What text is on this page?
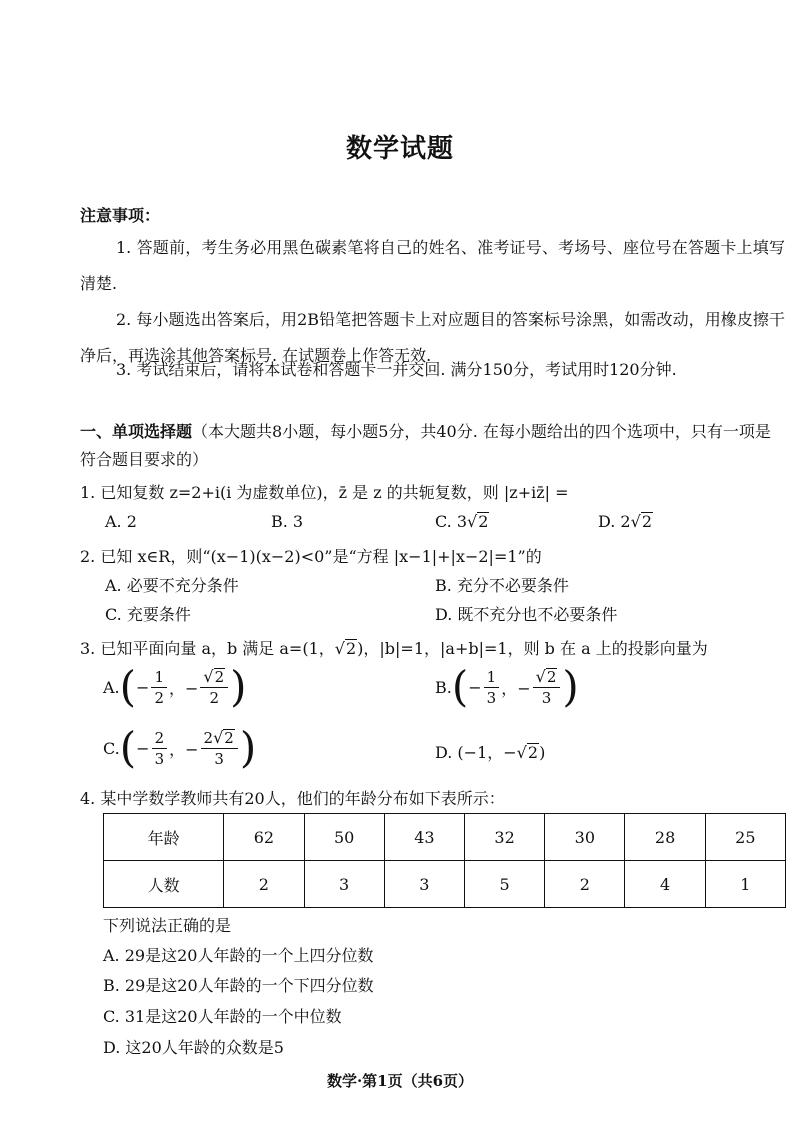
数学试题
注意事项：
1. 答题前，考生务必用黑色碳素笔将自己的姓名、准考证号、考场号、座位号在答题卡上填写清楚.
2. 每小题选出答案后，用2B铅笔把答题卡上对应题目的答案标号涂黑，如需改动，用橡皮擦干净后，再选涂其他答案标号. 在试题卷上作答无效.
3. 考试结束后，请将本试卷和答题卡一并交回. 满分150分，考试用时120分钟.
一、单项选择题（本大题共8小题，每小题5分，共40分. 在每小题给出的四个选项中，只有一项是符合题目要求的）
1. 已知复数 z=2+i(i 为虚数单位)，z̄ 是 z 的共轭复数，则 |z+iz̄| =
A. 2	B. 3	C. 3√2	D. 2√2
2. 已知 x∈R，则“(x−1)(x−2)<0”是“方程 |x−1|+|x−2|=1”的
A. 必要不充分条件	B. 充分不必要条件
C. 充要条件	D. 既不充分也不必要条件
3. 已知平面向量 a，b 满足 a=(1，√2)，|b|=1，|a+b|=1，则 b 在 a 上的投影向量为
A. ( − $\frac{1}{2}$ ，− $\frac{√2}{2}$ )	B. ( − $\frac{1}{3}$ ，− $\frac{√2}{3}$ )
C. ( − $\frac{2}{3}$ ，− $\frac{2√2}{3}$ )	D. (−1，−√2)
4. 某中学数学教师共有20人，他们的年龄分布如下表所示：
年龄	62	50	43	32	30	28	25
人数	2	3	3	5	2	4	1
下列说法正确的是
A. 29是这20人年龄的一个上四分位数
B. 29是这20人年龄的一个下四分位数
C. 31是这20人年龄的一个中位数
D. 这20人年龄的众数是5
数学·第1页（共6页）
